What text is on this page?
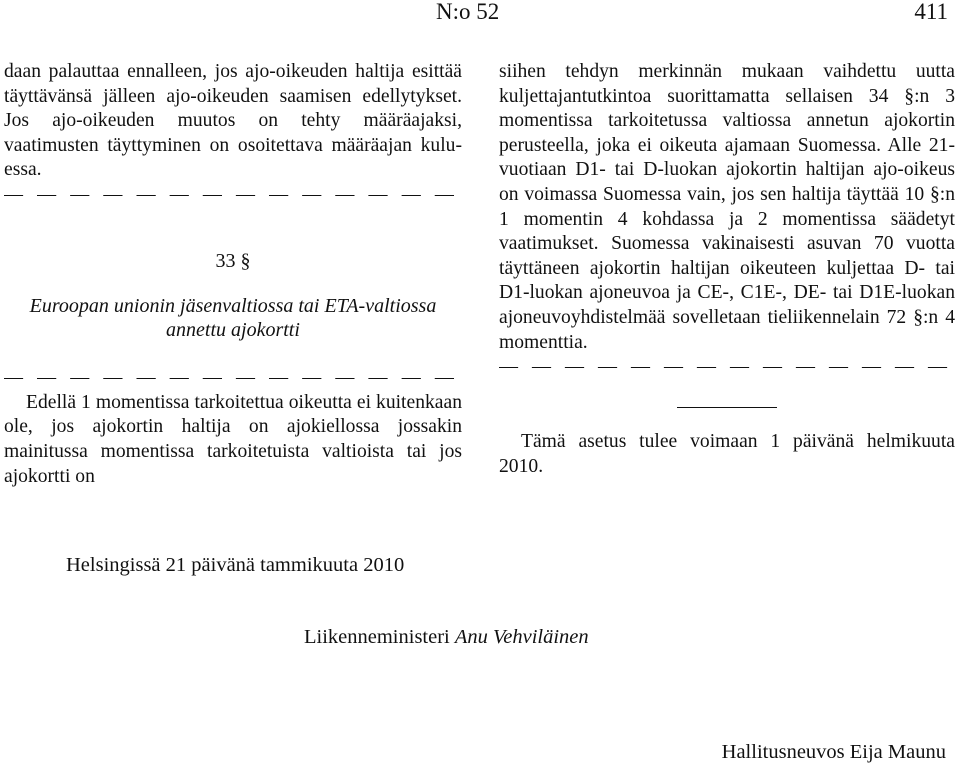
N:o 52	411

daan palauttaa ennalleen, jos ajo-oikeuden haltija esittää täyttävänsä jälleen ajo-oikeuden saamisen edellytykset. Jos ajo-oikeuden muutos on tehty määräajaksi, vaatimusten täyttyminen on osoitettava määräajan kuluessa.

— — — — — — — — — — — — — —
33 §
Euroopan unionin jäsenvaltiossa tai ETA-valtiossa annettu ajokortti
— — — — — — — — — — — — — —

Edellä 1 momentissa tarkoitettua oikeutta ei kuitenkaan ole, jos ajokortin haltija on ajokiellossa jossakin mainitussa momentissa tarkoitetuista valtioista tai jos ajokortti on

siihen tehdyn merkinnän mukaan vaihdettu uutta kuljettajantutkintoa suorittamatta sellaisen 34 §:n 3 momentissa tarkoitetussa valtiossa annetun ajokortin perusteella, joka ei oikeuta ajamaan Suomessa. Alle 21-vuotiaan D1- tai D-luokan ajokortin haltijan ajo-oikeus on voimassa Suomessa vain, jos sen haltija täyttää 10 §:n 1 momentin 4 kohdassa ja 2 momentissa säädetyt vaatimukset. Suomessa vakinaisesti asuvan 70 vuotta täyttäneen ajokortin haltijan oikeuteen kuljettaa D- tai D1-luokan ajoneuvoa ja CE-, C1E-, DE- tai D1E-luokan ajoneuvoyhdistelmää sovelletaan tieliikennelain 72 §:n 4 momenttia.

— — — — — — — — — — — — — —

Tämä asetus tulee voimaan 1 päivänä helmikuuta 2010.

Helsingissä 21 päivänä tammikuuta 2010
Liikenneministeri Anu Vehviläinen
Hallitusneuvos Eija Maunu
